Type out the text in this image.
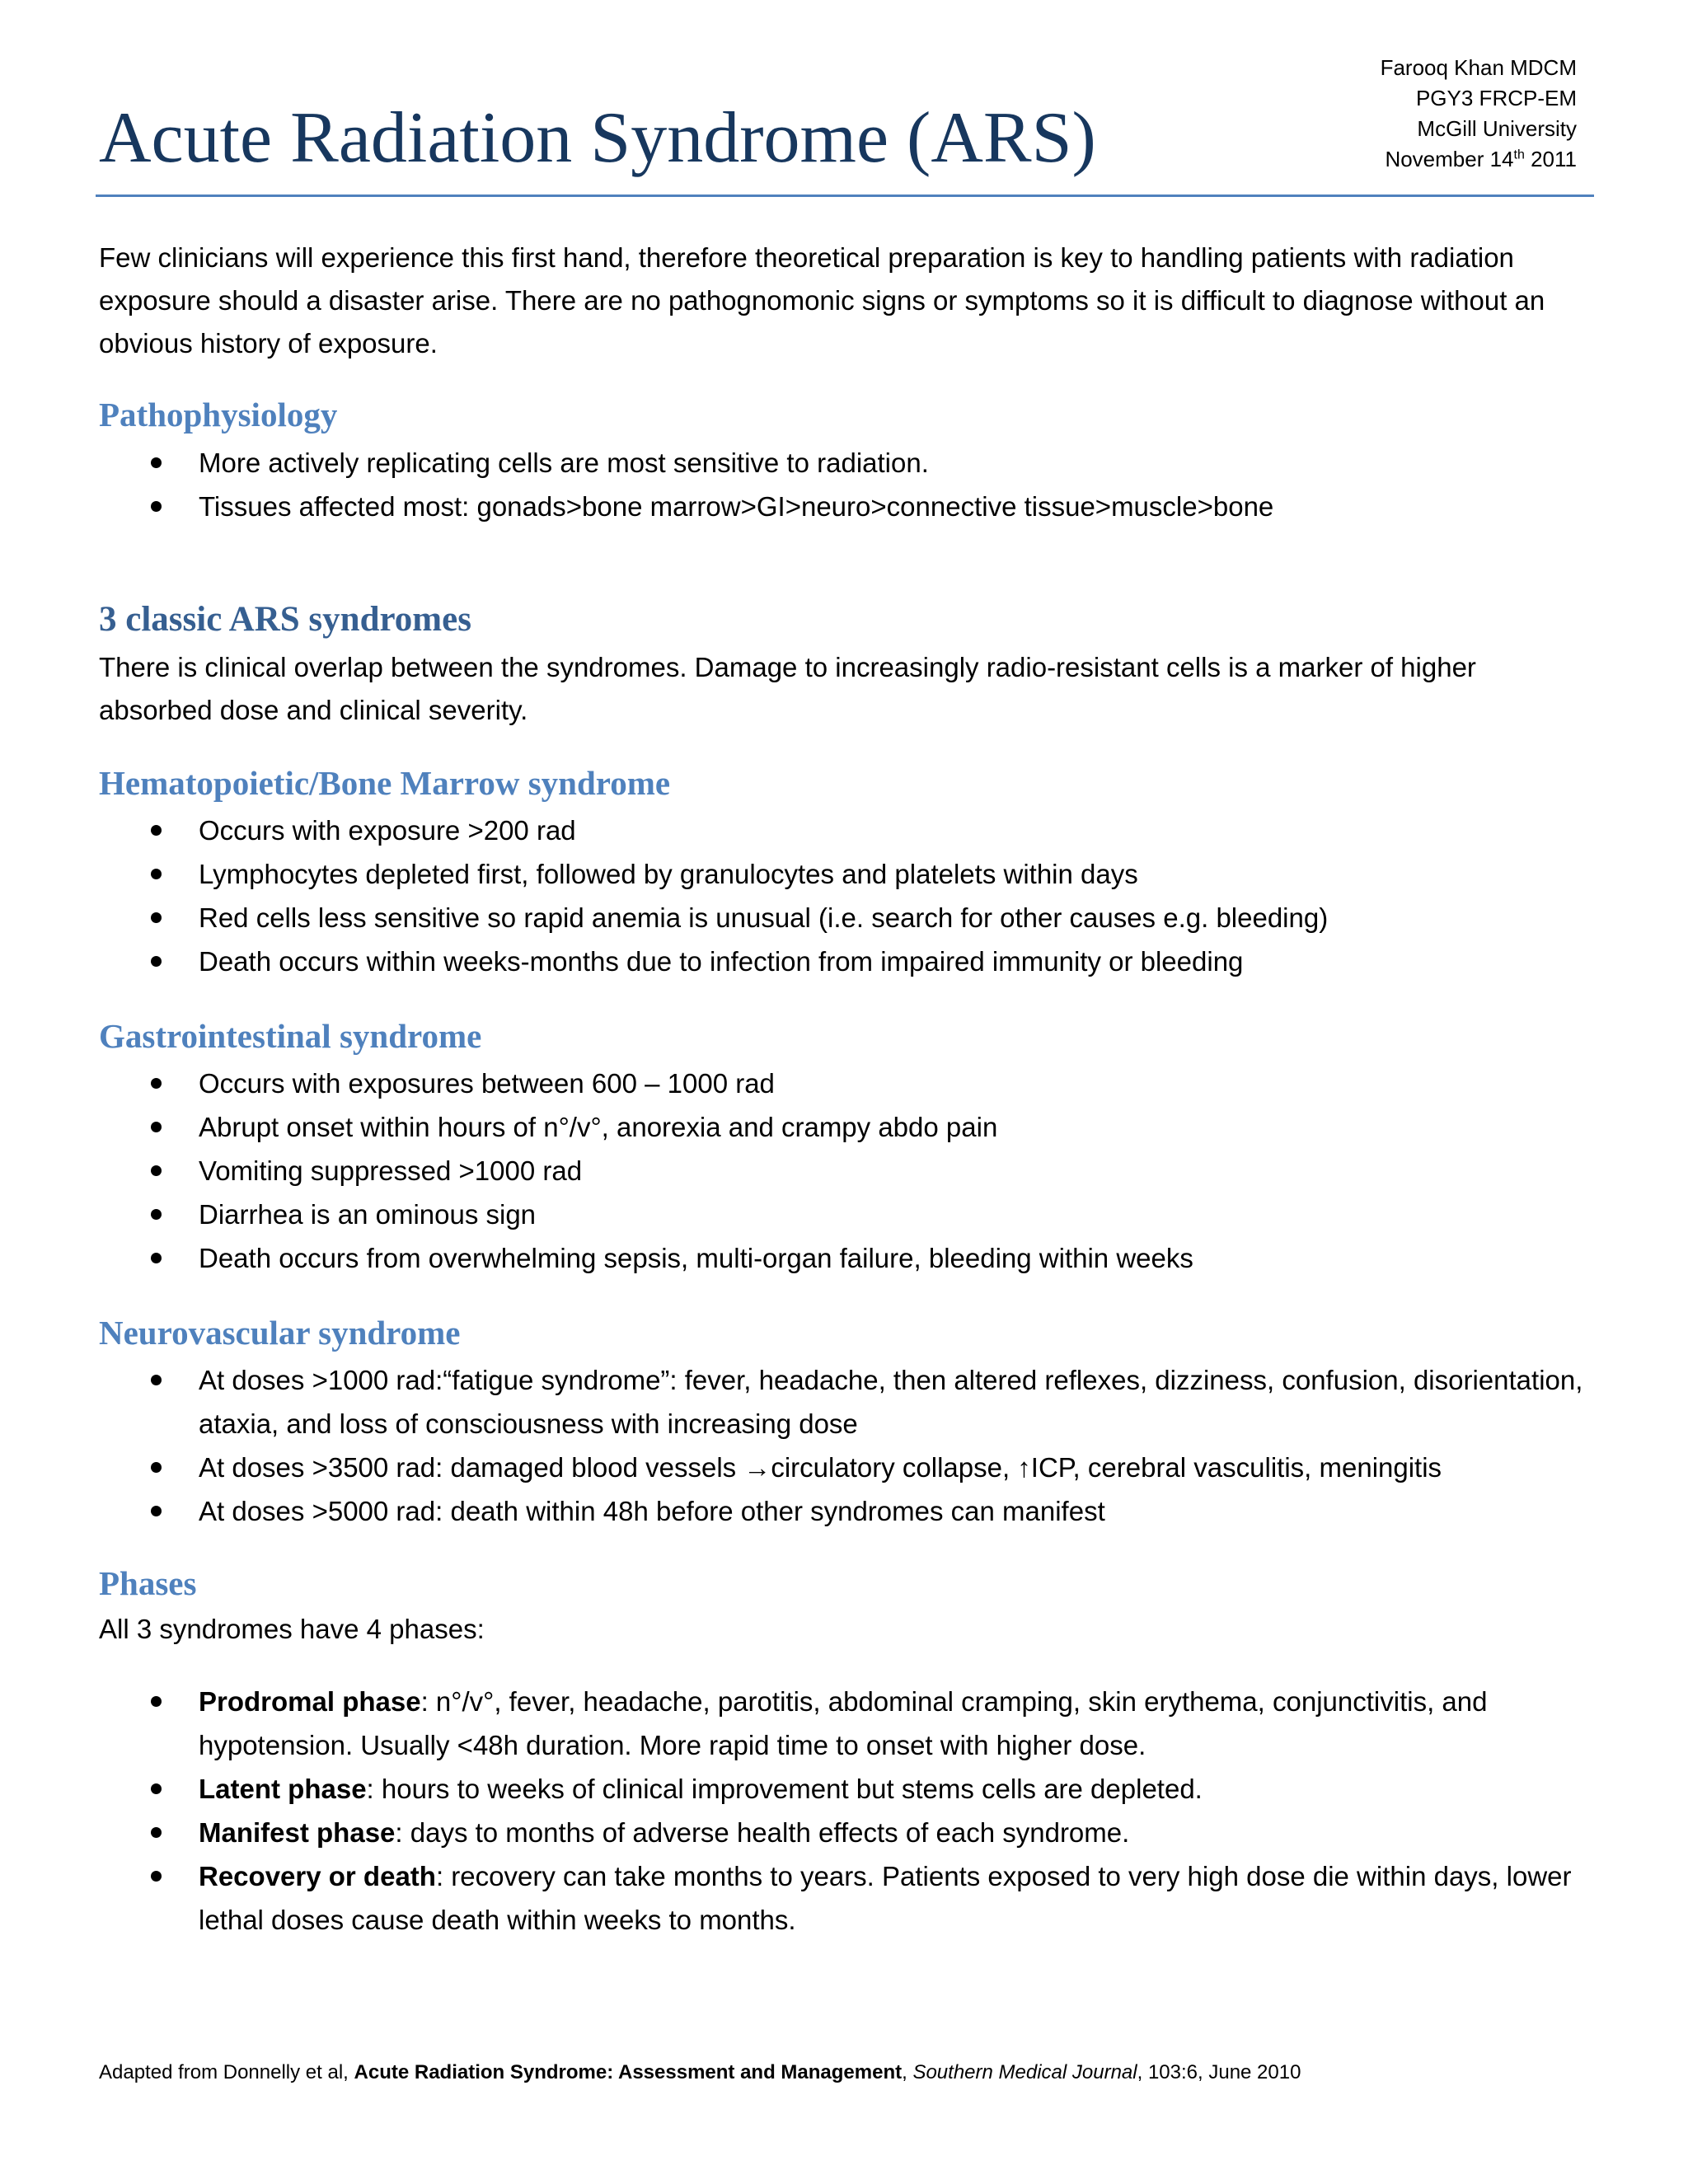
Farooq Khan MDCM
PGY3 FRCP-EM
McGill University
November 14th 2011
Acute Radiation Syndrome (ARS)

Few clinicians will experience this first hand, therefore theoretical preparation is key to handling patients with radiation exposure should a disaster arise. There are no pathognomonic signs or symptoms so it is difficult to diagnose without an obvious history of exposure.

Pathophysiology
More actively replicating cells are most sensitive to radiation.
Tissues affected most: gonads>bone marrow>GI>neuro>connective tissue>muscle>bone
3 classic ARS syndromes

There is clinical overlap between the syndromes. Damage to increasingly radio-resistant cells is a marker of higher absorbed dose and clinical severity.

Hematopoietic/Bone Marrow syndrome
Occurs with exposure >200 rad
Lymphocytes depleted first, followed by granulocytes and platelets within days
Red cells less sensitive so rapid anemia is unusual (i.e. search for other causes e.g. bleeding)
Death occurs within weeks-months due to infection from impaired immunity or bleeding
Gastrointestinal syndrome
Occurs with exposures between 600 – 1000 rad
Abrupt onset within hours of n°/v°, anorexia and crampy abdo pain
Vomiting suppressed >1000 rad
Diarrhea is an ominous sign
Death occurs from overwhelming sepsis, multi-organ failure, bleeding within weeks
Neurovascular syndrome
At doses >1000 rad:“fatigue syndrome”: fever, headache, then altered reflexes, dizziness, confusion, disorientation, ataxia, and loss of consciousness with increasing dose
At doses >3500 rad: damaged blood vessels →circulatory collapse, ↑ICP, cerebral vasculitis, meningitis
At doses >5000 rad: death within 48h before other syndromes can manifest
Phases

All 3 syndromes have 4 phases:

Prodromal phase: n°/v°, fever, headache, parotitis, abdominal cramping, skin erythema, conjunctivitis, and hypotension. Usually <48h duration. More rapid time to onset with higher dose.
Latent phase: hours to weeks of clinical improvement but stems cells are depleted.
Manifest phase: days to months of adverse health effects of each syndrome.
Recovery or death: recovery can take months to years. Patients exposed to very high dose die within days, lower lethal doses cause death within weeks to months.

Adapted from Donnelly et al, Acute Radiation Syndrome: Assessment and Management, Southern Medical Journal, 103:6, June 2010
